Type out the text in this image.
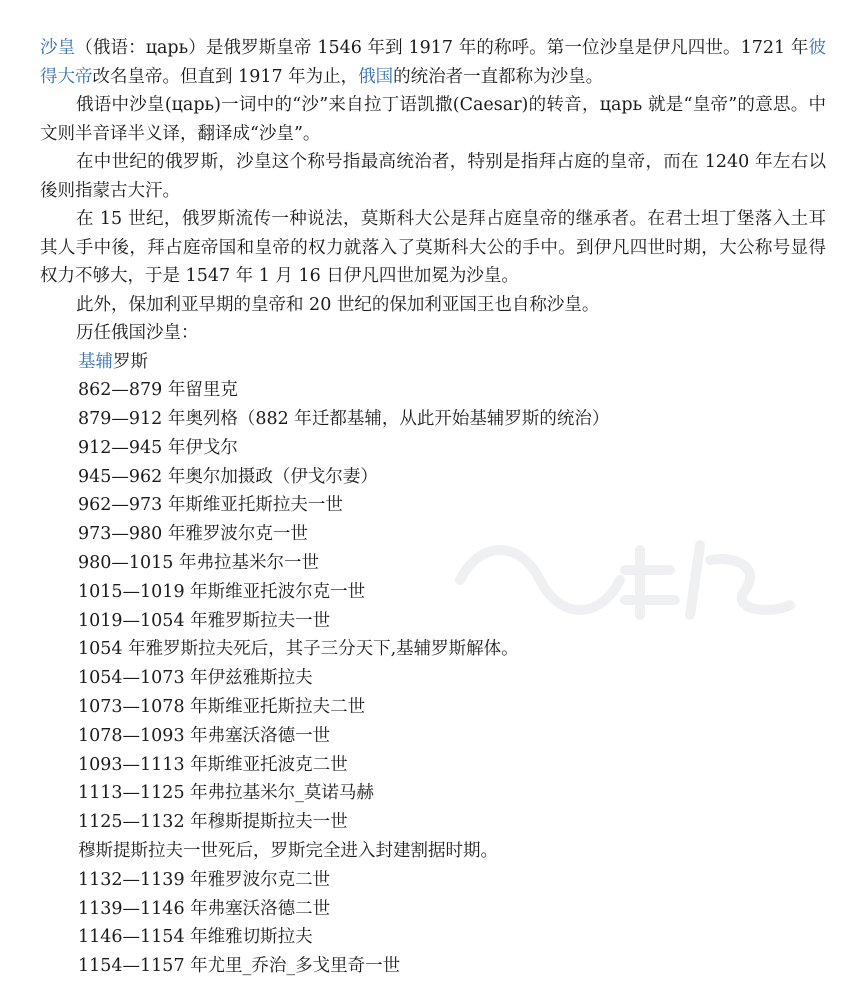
沙皇（俄语：царь）是俄罗斯皇帝 1546 年到 1917 年的称呼。第一位沙皇是伊凡四世。1721 年彼得大帝改名皇帝。但直到 1917 年为止，俄国的统治者一直都称为沙皇。

俄语中沙皇(царь)一词中的“沙”来自拉丁语凯撒(Caesar)的转音，царь 就是“皇帝”的意思。中文则半音译半义译，翻译成“沙皇”。

在中世纪的俄罗斯，沙皇这个称号指最高统治者，特别是指拜占庭的皇帝，而在 1240 年左右以後则指蒙古大汗。

在 15 世纪，俄罗斯流传一种说法，莫斯科大公是拜占庭皇帝的继承者。在君士坦丁堡落入土耳其人手中後，拜占庭帝国和皇帝的权力就落入了莫斯科大公的手中。到伊凡四世时期，大公称号显得权力不够大，于是 1547 年 1 月 16 日伊凡四世加冕为沙皇。

此外，保加利亚早期的皇帝和 20 世纪的保加利亚国王也自称沙皇。

历任俄国沙皇：

基辅罗斯

862—879 年留里克

879—912 年奥列格（882 年迁都基辅，从此开始基辅罗斯的统治）

912—945 年伊戈尔

945—962 年奥尔加摄政（伊戈尔妻）

962—973 年斯维亚托斯拉夫一世

973—980 年雅罗波尔克一世

980—1015 年弗拉基米尔一世

1015—1019 年斯维亚托波尔克一世

1019—1054 年雅罗斯拉夫一世

1054 年雅罗斯拉夫死后，其子三分天下,基辅罗斯解体。

1054—1073 年伊兹雅斯拉夫

1073—1078 年斯维亚托斯拉夫二世

1078—1093 年弗塞沃洛德一世

1093—1113 年斯维亚托波克二世

1113—1125 年弗拉基米尔_莫诺马赫

1125—1132 年穆斯提斯拉夫一世

穆斯提斯拉夫一世死后，罗斯完全进入封建割据时期。

1132—1139 年雅罗波尔克二世

1139—1146 年弗塞沃洛德二世

1146—1154 年维雅切斯拉夫

1154—1157 年尤里_乔治_多戈里奇一世
